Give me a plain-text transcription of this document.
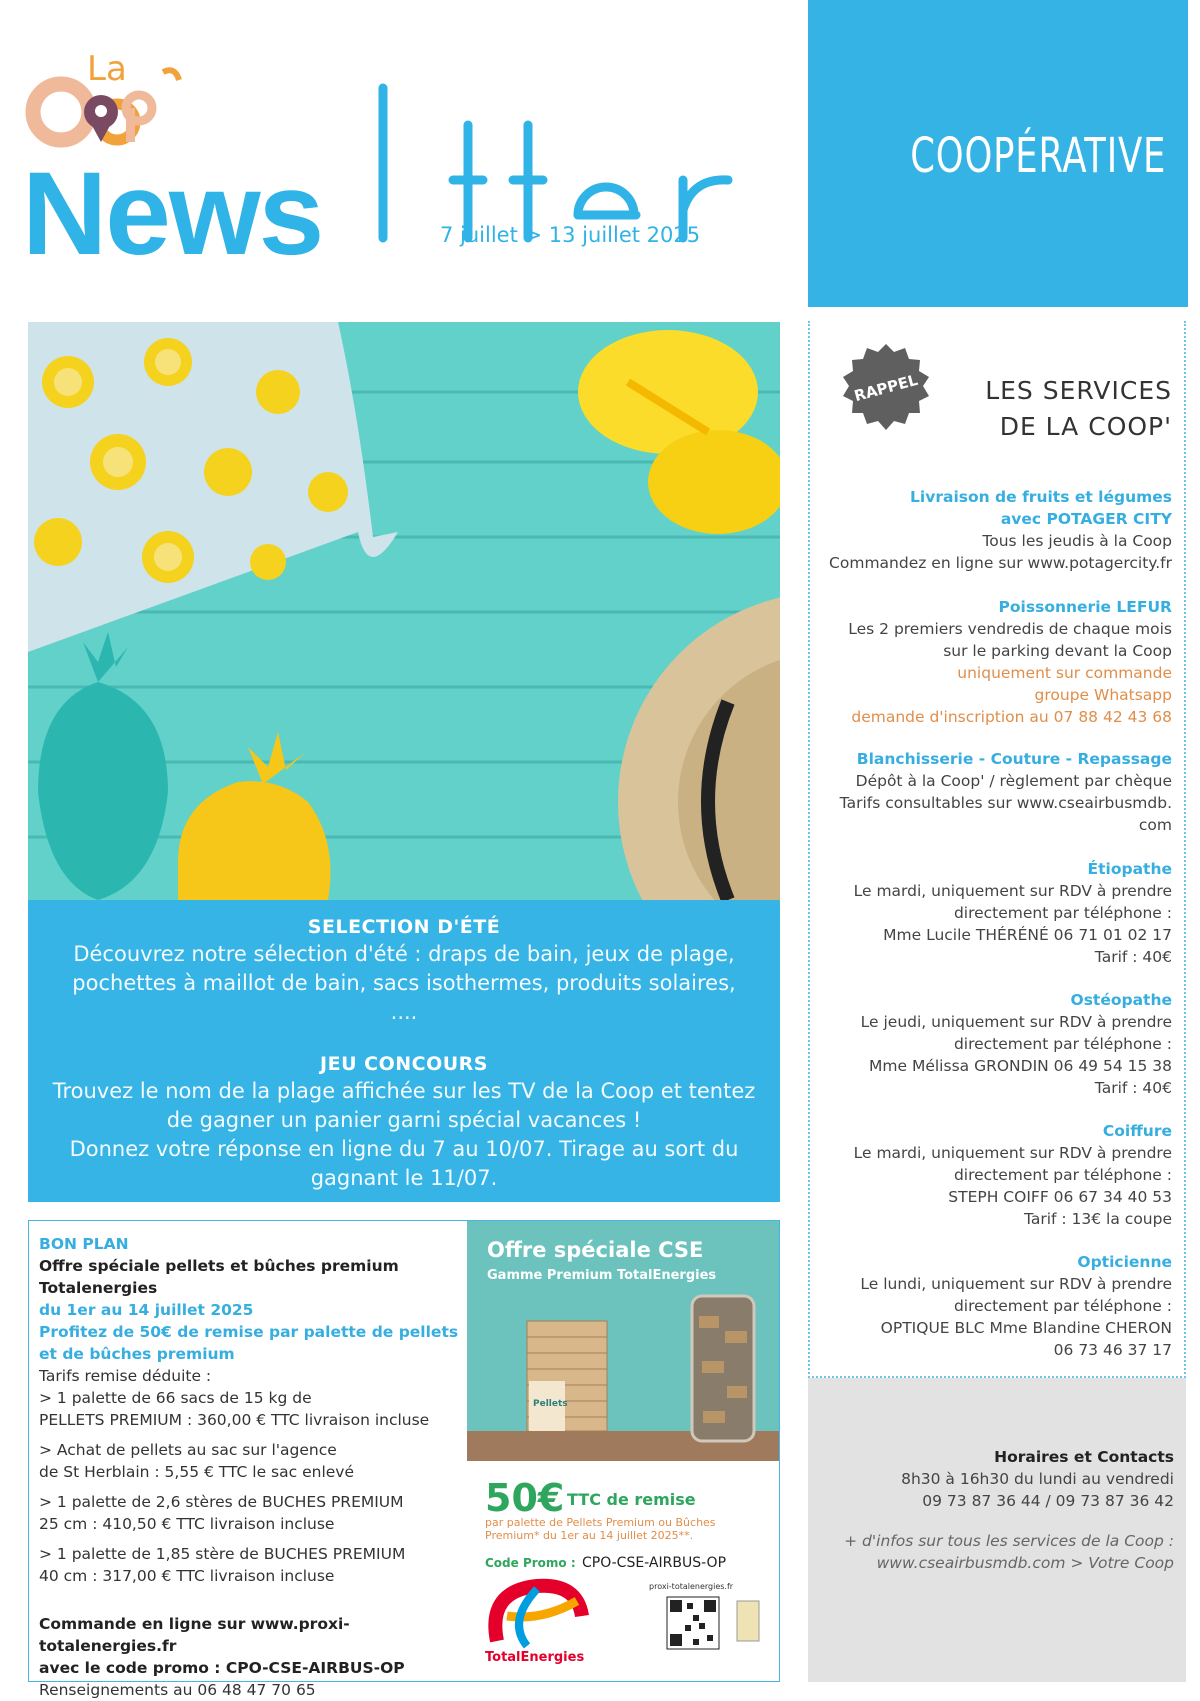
La
News	letter
7 juillet > 13 juillet 2025
COOPÉRATIVE
SELECTION D'ÉTÉ
Découvrez notre sélection d'été : draps de bain, jeux de plage, pochettes à maillot de bain, sacs isothermes, produits solaires, ....
JEU CONCOURS
Trouvez le nom de la plage affichée sur les TV de la Coop et tentez de gagner un panier garni spécial vacances !
Donnez votre réponse en ligne du 7 au 10/07. Tirage au sort du gagnant le 11/07.
BON PLAN
Offre spéciale pellets et bûches premium Totalenergies
du 1er au 14 juillet 2025
Profitez de 50€ de remise par palette de pellets et de bûches premium
Tarifs remise déduite :
> 1 palette de 66 sacs de 15 kg de
PELLETS PREMIUM : 360,00 € TTC livraison incluse
> Achat de pellets au sac sur l'agence
de St Herblain : 5,55 € TTC le sac enlevé
> 1 palette de 2,6 stères de BUCHES PREMIUM
25 cm : 410,50 € TTC livraison incluse
> 1 palette de 1,85 stère de BUCHES PREMIUM
40 cm : 317,00 € TTC livraison incluse
Commande en ligne sur www.proxi-totalenergies.fr
avec le code promo : CPO-CSE-AIRBUS-OP
Renseignements au 06 48 47 70 65
Offre spéciale CSE
Gamme Premium TotalEnergies
Pellets
50€ TTC de remise
par palette de Pellets Premium ou Bûches
Premium* du 1er au 14 juillet 2025**.
Code Promo : CPO-CSE-AIRBUS-OP
TotalEnergies
proxi-totalenergies.fr
LES SERVICES
DE LA COOP'
Livraison de fruits et légumes
avec POTAGER CITY
Tous les jeudis à la Coop
Commandez en ligne sur www.potagercity.fr
Poissonnerie LEFUR
Les 2 premiers vendredis de chaque mois
sur le parking devant la Coop
uniquement sur commande
groupe Whatsapp
demande d'inscription au 07 88 42 43 68
Blanchisserie - Couture - Repassage
Dépôt à la Coop' / règlement par chèque
Tarifs consultables sur www.cseairbusmdb.
com
Étiopathe
Le mardi, uniquement sur RDV à prendre
directement par téléphone :
Mme Lucile THÉRÉNÉ 06 71 01 02 17
Tarif : 40€
Ostéopathe
Le jeudi, uniquement sur RDV à prendre
directement par téléphone :
Mme Mélissa GRONDIN 06 49 54 15 38
Tarif : 40€
Coiffure
Le mardi, uniquement sur RDV à prendre
directement par téléphone :
STEPH COIFF 06 67 34 40 53
Tarif : 13€ la coupe
Opticienne
Le lundi, uniquement sur RDV à prendre
directement par téléphone :
OPTIQUE BLC Mme Blandine CHERON
06 73 46 37 17
RAPPEL
Horaires et Contacts
8h30 à 16h30 du lundi au vendredi
09 73 87 36 44 / 09 73 87 36 42
+ d'infos sur tous les services de la Coop :
www.cseairbusmdb.com > Votre Coop
